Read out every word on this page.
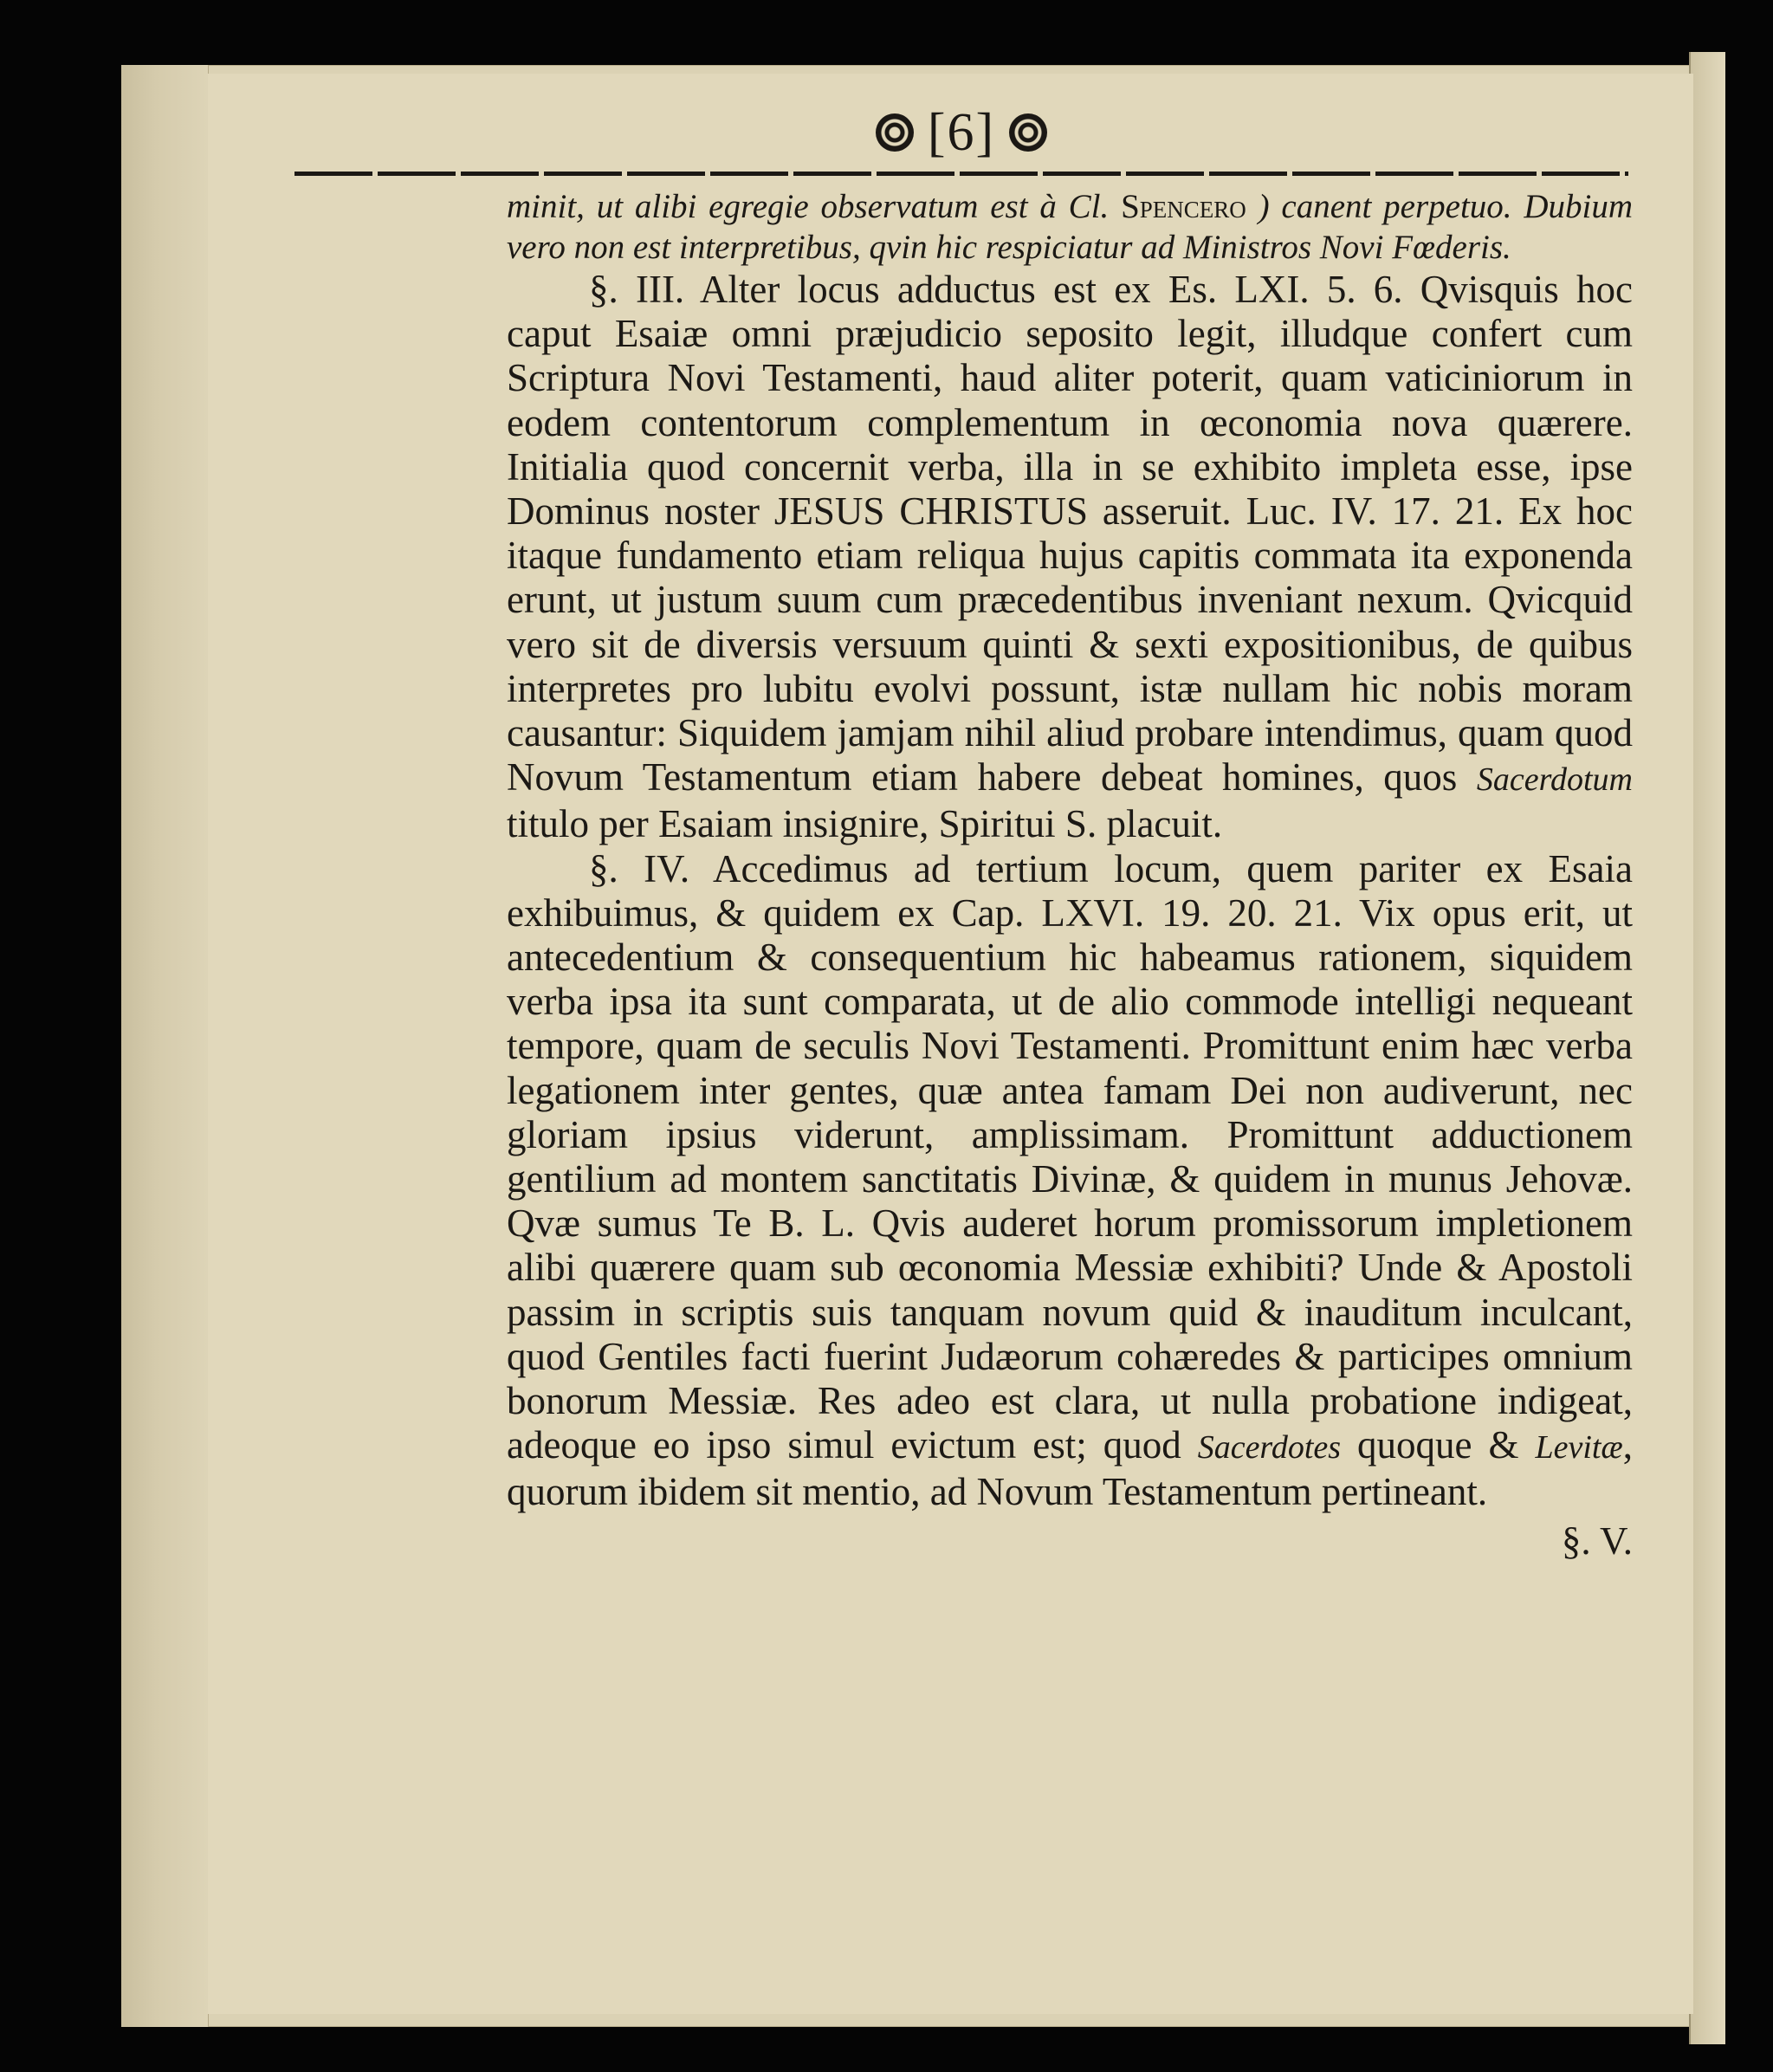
[6]

minit, ut alibi egregie observatum est à Cl. Spencero ) canent perpetuo. Dubium vero non est interpretibus, qvin hic respiciatur ad Ministros Novi Fœderis.

§. III. Alter locus adductus est ex Es. LXI. 5. 6. Qvisquis hoc caput Esaiæ omni præjudicio seposito legit, illudque confert cum Scriptura Novi Testamenti, haud aliter poterit, quam vaticiniorum in eodem contentorum complementum in œconomia nova quærere. Initialia quod concernit verba, illa in se exhibito impleta esse, ipse Dominus noster JESUS CHRISTUS asseruit. Luc. IV. 17. 21. Ex hoc itaque fundamento etiam reliqua hujus capitis commata ita exponenda erunt, ut justum suum cum præcedentibus inveniant nexum. Qvicquid vero sit de diversis versuum quinti & sexti expositionibus, de quibus interpretes pro lubitu evolvi possunt, istæ nullam hic nobis moram causantur: Siquidem jamjam nihil aliud probare intendimus, quam quod Novum Testamentum etiam habere debeat homines, quos Sacerdotum titulo per Esaiam insignire, Spiritui S. placuit.

§. IV. Accedimus ad tertium locum, quem pariter ex Esaia exhibuimus, & quidem ex Cap. LXVI. 19. 20. 21. Vix opus erit, ut antecedentium & consequentium hic habeamus rationem, siquidem verba ipsa ita sunt comparata, ut de alio commode intelligi nequeant tempore, quam de seculis Novi Testamenti. Promittunt enim hæc verba legationem inter gentes, quæ antea famam Dei non audiverunt, nec gloriam ipsius viderunt, amplissimam. Promittunt adductionem gentilium ad montem sanctitatis Divinæ, & quidem in munus Jehovæ. Qvæ sumus Te B. L. Qvis auderet horum promissorum impletionem alibi quærere quam sub œconomia Messiæ exhibiti? Unde & Apostoli passim in scriptis suis tanquam novum quid & inauditum inculcant, quod Gentiles facti fuerint Judæorum cohæredes & participes omnium bonorum Messiæ. Res adeo est clara, ut nulla probatione indigeat, adeoque eo ipso simul evictum est; quod Sacerdotes quoque & Levitæ, quorum ibidem sit mentio, ad Novum Testamentum pertineant.

§. V.
